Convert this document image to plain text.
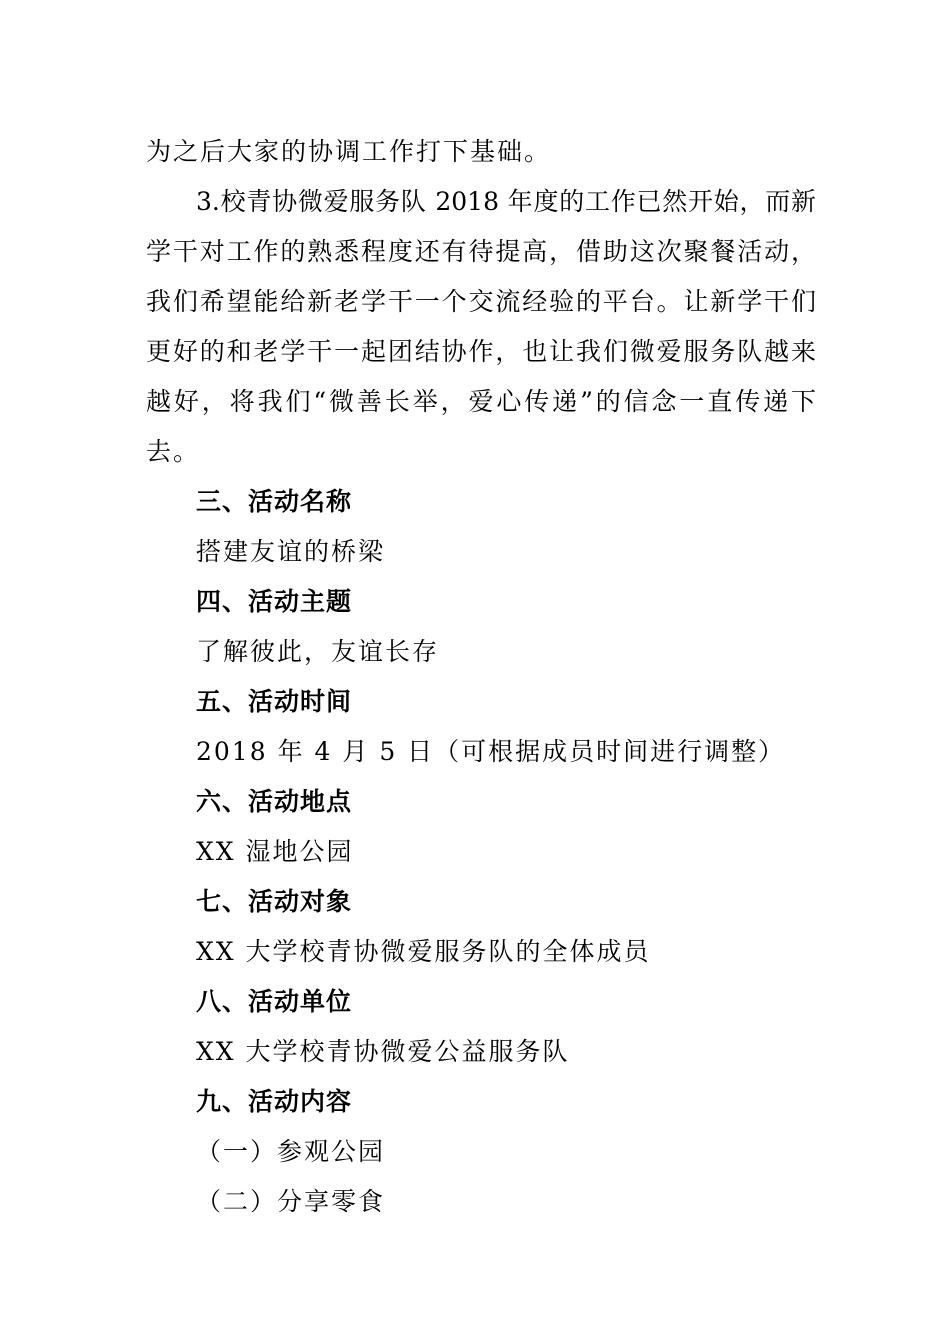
为之后大家的协调工作打下基础。
3.校青协微爱服务队 2018 年度的工作已然开始，而新
学干对工作的熟悉程度还有待提高，借助这次聚餐活动，
我们希望能给新老学干一个交流经验的平台。让新学干们
更好的和老学干一起团结协作，也让我们微爱服务队越来
越好，将我们“微善长举，爱心传递”的信念一直传递下
去。
三、活动名称
搭建友谊的桥梁
四、活动主题
了解彼此，友谊长存
五、活动时间
2018 年 4 月 5 日（可根据成员时间进行调整）
六、活动地点
XX 湿地公园
七、活动对象
XX 大学校青协微爱服务队的全体成员
八、活动单位
XX 大学校青协微爱公益服务队
九、活动内容
（一）参观公园
（二）分享零食
